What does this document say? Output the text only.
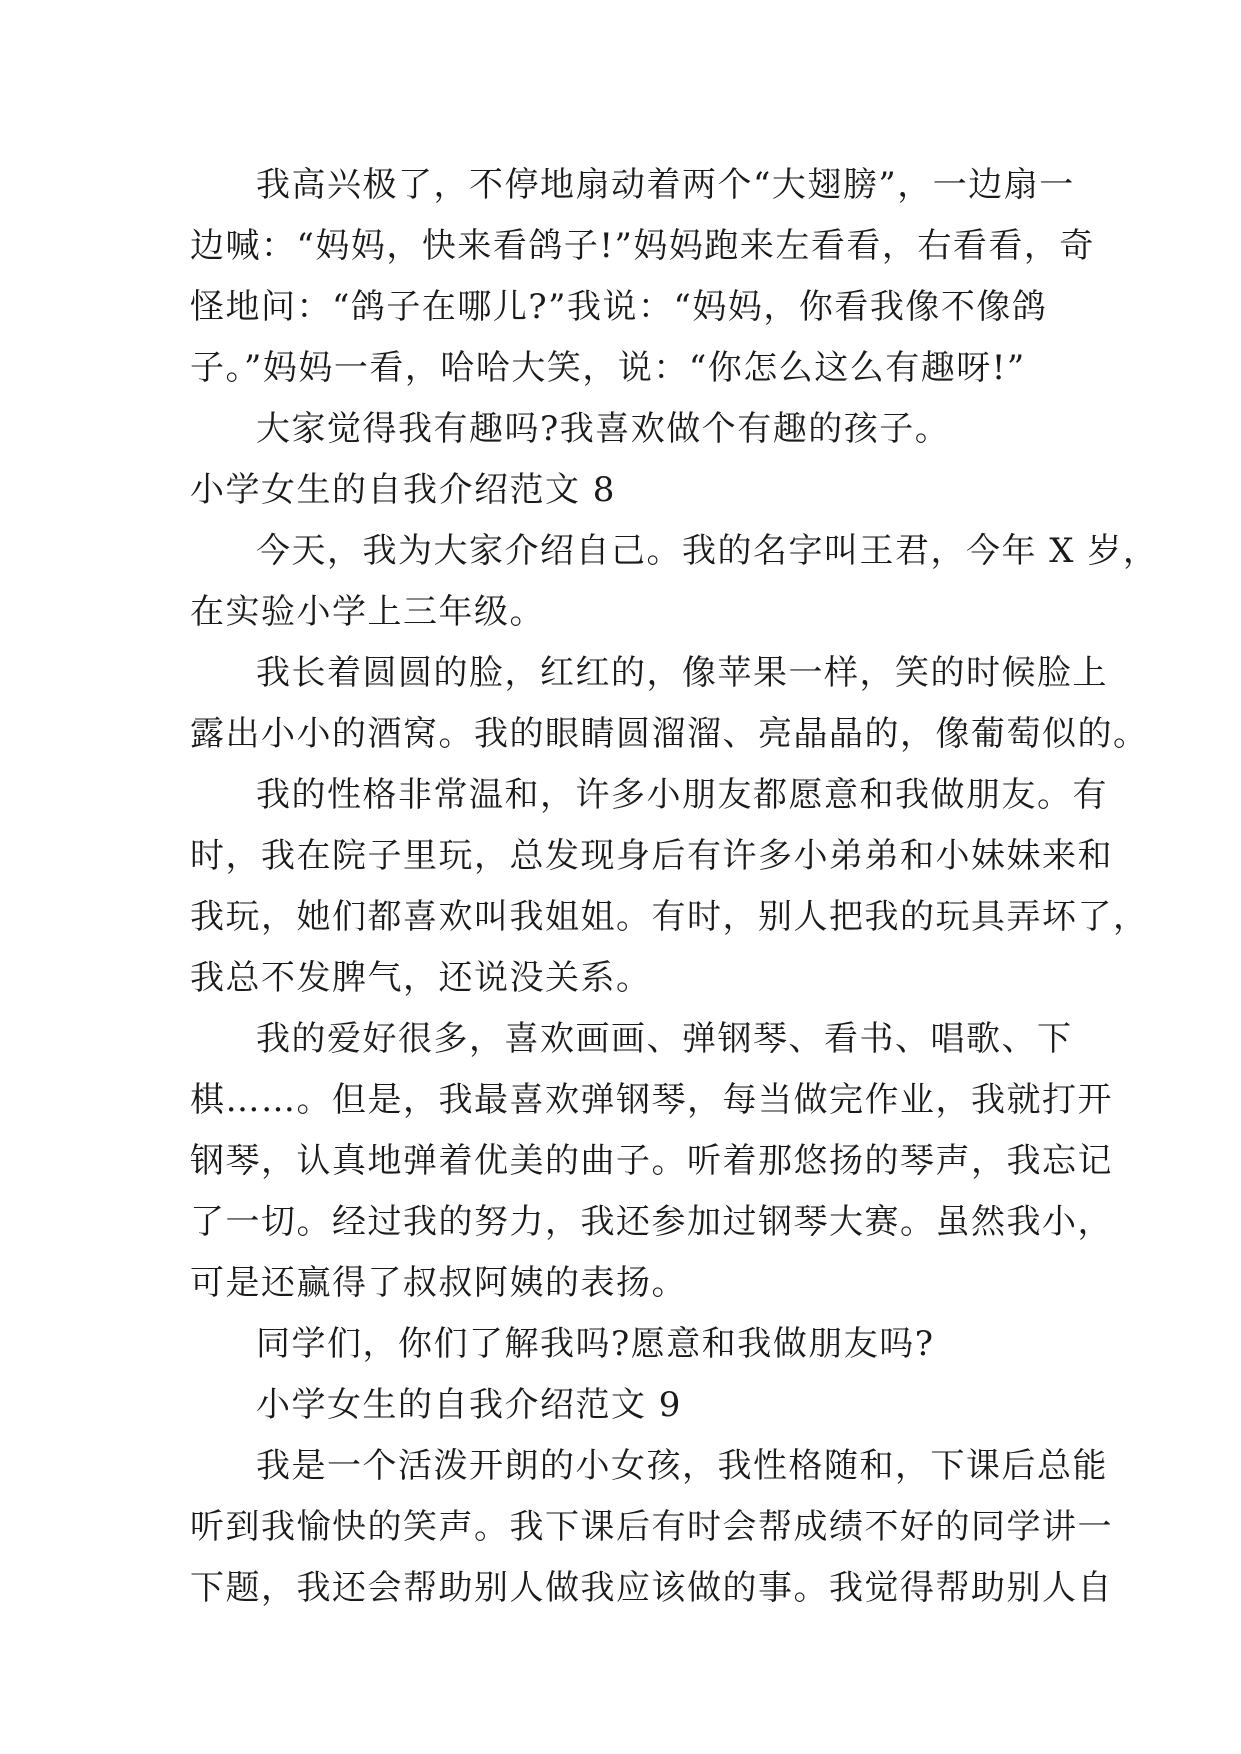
我高兴极了，不停地扇动着两个“大翅膀”，一边扇一
边喊：“妈妈，快来看鸽子!”妈妈跑来左看看，右看看，奇
怪地问：“鸽子在哪儿?”我说：“妈妈，你看我像不像鸽
子。”妈妈一看，哈哈大笑，说：“你怎么这么有趣呀!”
大家觉得我有趣吗?我喜欢做个有趣的孩子。
小学女生的自我介绍范文 8
今天，我为大家介绍自己。我的名字叫王君，今年 X 岁，
在实验小学上三年级。
我长着圆圆的脸，红红的，像苹果一样，笑的时候脸上
露出小小的酒窝。我的眼睛圆溜溜、亮晶晶的，像葡萄似的。
我的性格非常温和，许多小朋友都愿意和我做朋友。有
时，我在院子里玩，总发现身后有许多小弟弟和小妹妹来和
我玩，她们都喜欢叫我姐姐。有时，别人把我的玩具弄坏了，
我总不发脾气，还说没关系。
我的爱好很多，喜欢画画、弹钢琴、看书、唱歌、下
棋……。但是，我最喜欢弹钢琴，每当做完作业，我就打开
钢琴，认真地弹着优美的曲子。听着那悠扬的琴声，我忘记
了一切。经过我的努力，我还参加过钢琴大赛。虽然我小，
可是还赢得了叔叔阿姨的表扬。
同学们，你们了解我吗?愿意和我做朋友吗?
小学女生的自我介绍范文 9
我是一个活泼开朗的小女孩，我性格随和，下课后总能
听到我愉快的笑声。我下课后有时会帮成绩不好的同学讲一
下题，我还会帮助别人做我应该做的事。我觉得帮助别人自
